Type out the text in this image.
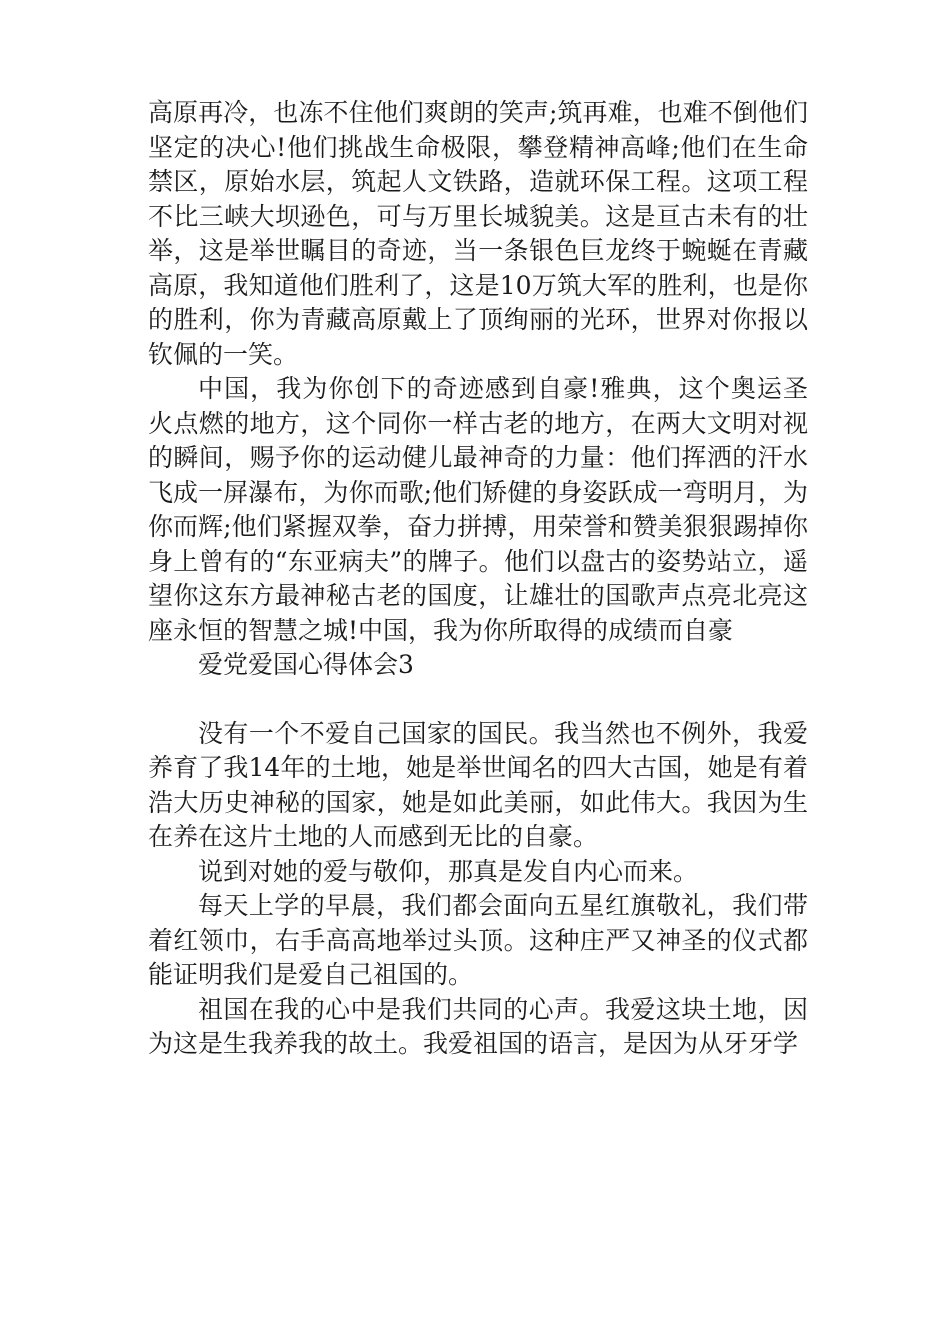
高原再冷，也冻不住他们爽朗的笑声;筑再难，也难不倒他们坚定的决心!他们挑战生命极限，攀登精神高峰;他们在生命禁区，原始水层，筑起人文铁路，造就环保工程。这项工程不比三峡大坝逊色，可与万里长城貌美。这是亘古未有的壮举，这是举世瞩目的奇迹，当一条银色巨龙终于蜿蜒在青藏高原，我知道他们胜利了，这是10万筑大军的胜利，也是你的胜利，你为青藏高原戴上了顶绚丽的光环，世界对你报以钦佩的一笑。

中国，我为你创下的奇迹感到自豪!雅典，这个奥运圣火点燃的地方，这个同你一样古老的地方，在两大文明对视的瞬间，赐予你的运动健儿最神奇的力量：他们挥洒的汗水飞成一屏瀑布，为你而歌;他们矫健的身姿跃成一弯明月，为你而辉;他们紧握双拳，奋力拼搏，用荣誉和赞美狠狠踢掉你身上曾有的“东亚病夫”的牌子。他们以盘古的姿势站立，遥望你这东方最神秘古老的国度，让雄壮的国歌声点亮北亮这座永恒的智慧之城!中国，我为你所取得的成绩而自豪

爱党爱国心得体会3

没有一个不爱自己国家的国民。我当然也不例外，我爱养育了我14年的土地，她是举世闻名的四大古国，她是有着浩大历史神秘的国家，她是如此美丽，如此伟大。我因为生在养在这片土地的人而感到无比的自豪。

说到对她的爱与敬仰，那真是发自内心而来。

每天上学的早晨，我们都会面向五星红旗敬礼，我们带着红领巾，右手高高地举过头顶。这种庄严又神圣的仪式都能证明我们是爱自己祖国的。

祖国在我的心中是我们共同的心声。我爱这块土地，因为这是生我养我的故土。我爱祖国的语言，是因为从牙牙学
